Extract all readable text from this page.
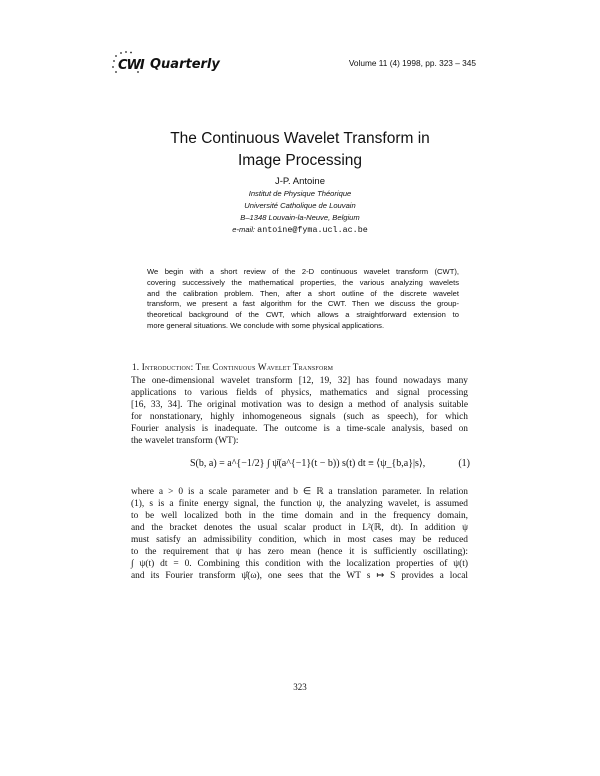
CWI Quarterly	Volume 11 (4) 1998, pp. 323 – 345
The Continuous Wavelet Transform in
Image Processing
J-P. Antoine
Institut de Physique Théorique
Université Catholique de Louvain
B–1348 Louvain-la-Neuve, Belgium
e-mail: antoine@fyma.ucl.ac.be
We begin with a short review of the 2-D continuous wavelet transform (CWT),
covering successively the mathematical properties, the various analyzing wavelets
and the calibration problem. Then, after a short outline of the discrete wavelet
transform, we present a fast algorithm for the CWT. Then we discuss the group-
theoretical background of the CWT, which allows a straightforward extension to
more general situations. We conclude with some physical applications.
1. Introduction: The Continuous Wavelet Transform
The one-dimensional wavelet transform [12, 19, 32] has found nowadays many
applications to various fields of physics, mathematics and signal processing
[16, 33, 34]. The original motivation was to design a method of analysis suitable
for nonstationary, highly inhomogeneous signals (such as speech), for which
Fourier analysis is inadequate. The outcome is a time-scale analysis, based on
the wavelet transform (WT):
S(b, a) = a^{−1/2} ∫ ψ̄(a^{−1}(t − b)) s(t) dt ≡ ⟨ψ_{b,a}|s⟩,	(1)
where a > 0 is a scale parameter and b ∈ ℝ a translation parameter. In relation
(1), s is a finite energy signal, the function ψ, the analyzing wavelet, is assumed
to be well localized both in the time domain and in the frequency domain,
and the bracket denotes the usual scalar product in L²(ℝ, dt). In addition ψ
must satisfy an admissibility condition, which in most cases may be reduced
to the requirement that ψ has zero mean (hence it is sufficiently oscillating):
∫ ψ(t) dt = 0. Combining this condition with the localization properties of ψ(t)
and its Fourier transform ψ̂(ω), one sees that the WT s ↦ S provides a local
323
